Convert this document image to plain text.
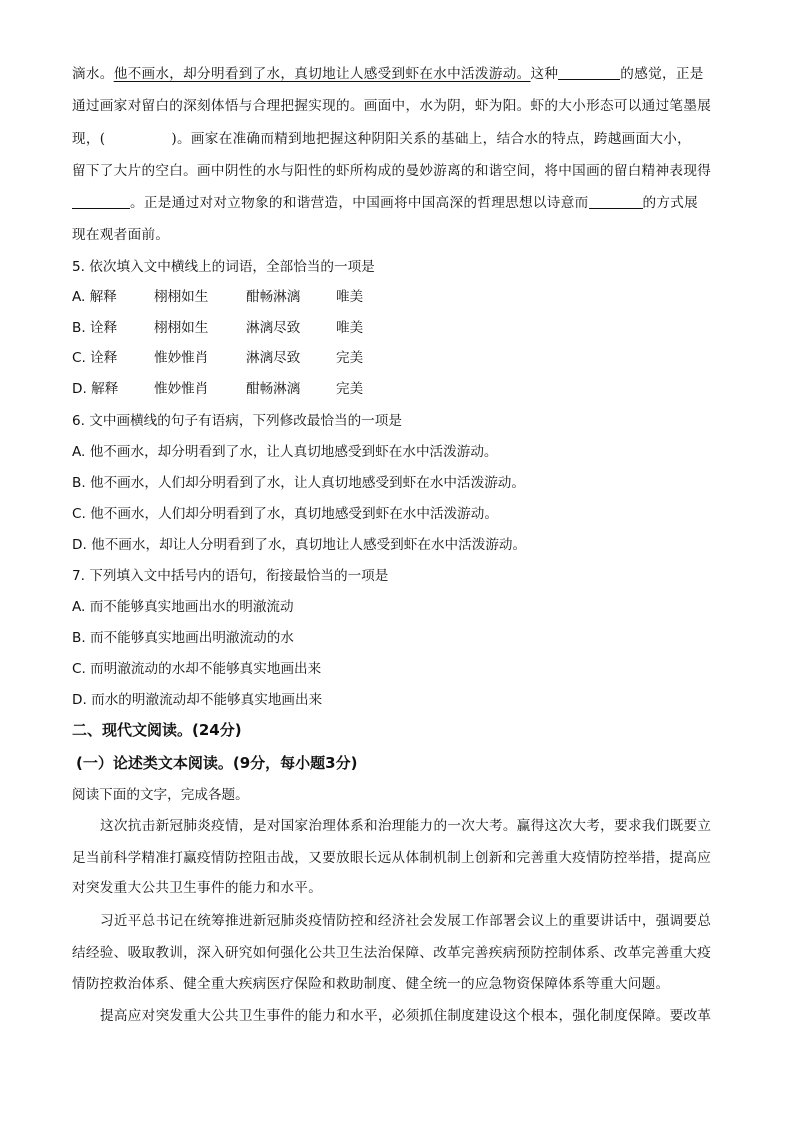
滴水。他不画水，却分明看到了水，真切地让人感受到虾在水中活泼游动。这种	的感觉，正是
通过画家对留白的深刻体悟与合理把握实现的。画面中，水为阴，虾为阳。虾的大小形态可以通过笔墨展
现，(	)。画家在准确而精到地把握这种阴阳关系的基础上，结合水的特点，跨越画面大小，
留下了大片的空白。画中阴性的水与阳性的虾所构成的曼妙游离的和谐空间，将中国画的留白精神表现得
。正是通过对对立物象的和谐营造，中国画将中国高深的哲理思想以诗意而	的方式展
现在观者面前。
5. 依次填入文中横线上的词语，全部恰当的一项是
A. 解释	栩栩如生	酣畅淋漓	唯美
B. 诠释	栩栩如生	淋漓尽致	唯美
C. 诠释	惟妙惟肖	淋漓尽致	完美
D. 解释	惟妙惟肖	酣畅淋漓	完美
6. 文中画横线的句子有语病，下列修改最恰当的一项是
A. 他不画水，却分明看到了水，让人真切地感受到虾在水中活泼游动。
B. 他不画水，人们却分明看到了水，让人真切地感受到虾在水中活泼游动。
C. 他不画水，人们却分明看到了水，真切地感受到虾在水中活泼游动。
D. 他不画水，却让人分明看到了水，真切地让人感受到虾在水中活泼游动。
7. 下列填入文中括号内的语句，衔接最恰当的一项是
A. 而不能够真实地画出水的明澈流动
B. 而不能够真实地画出明澈流动的水
C. 而明澈流动的水却不能够真实地画出来
D. 而水的明澈流动却不能够真实地画出来
二、现代文阅读。(24分)
(一）论述类文本阅读。(9分，每小题3分)
阅读下面的文字，完成各题。
这次抗击新冠肺炎疫情，是对国家治理体系和治理能力的一次大考。赢得这次大考，要求我们既要立
足当前科学精准打赢疫情防控阻击战，又要放眼长远从体制机制上创新和完善重大疫情防控举措，提高应
对突发重大公共卫生事件的能力和水平。
习近平总书记在统筹推进新冠肺炎疫情防控和经济社会发展工作部署会议上的重要讲话中，强调要总
结经验、吸取教训，深入研究如何强化公共卫生法治保障、改革完善疾病预防控制体系、改革完善重大疫
情防控救治体系、健全重大疾病医疗保险和救助制度、健全统一的应急物资保障体系等重大问题。
提高应对突发重大公共卫生事件的能力和水平，必须抓住制度建设这个根本，强化制度保障。要改革
